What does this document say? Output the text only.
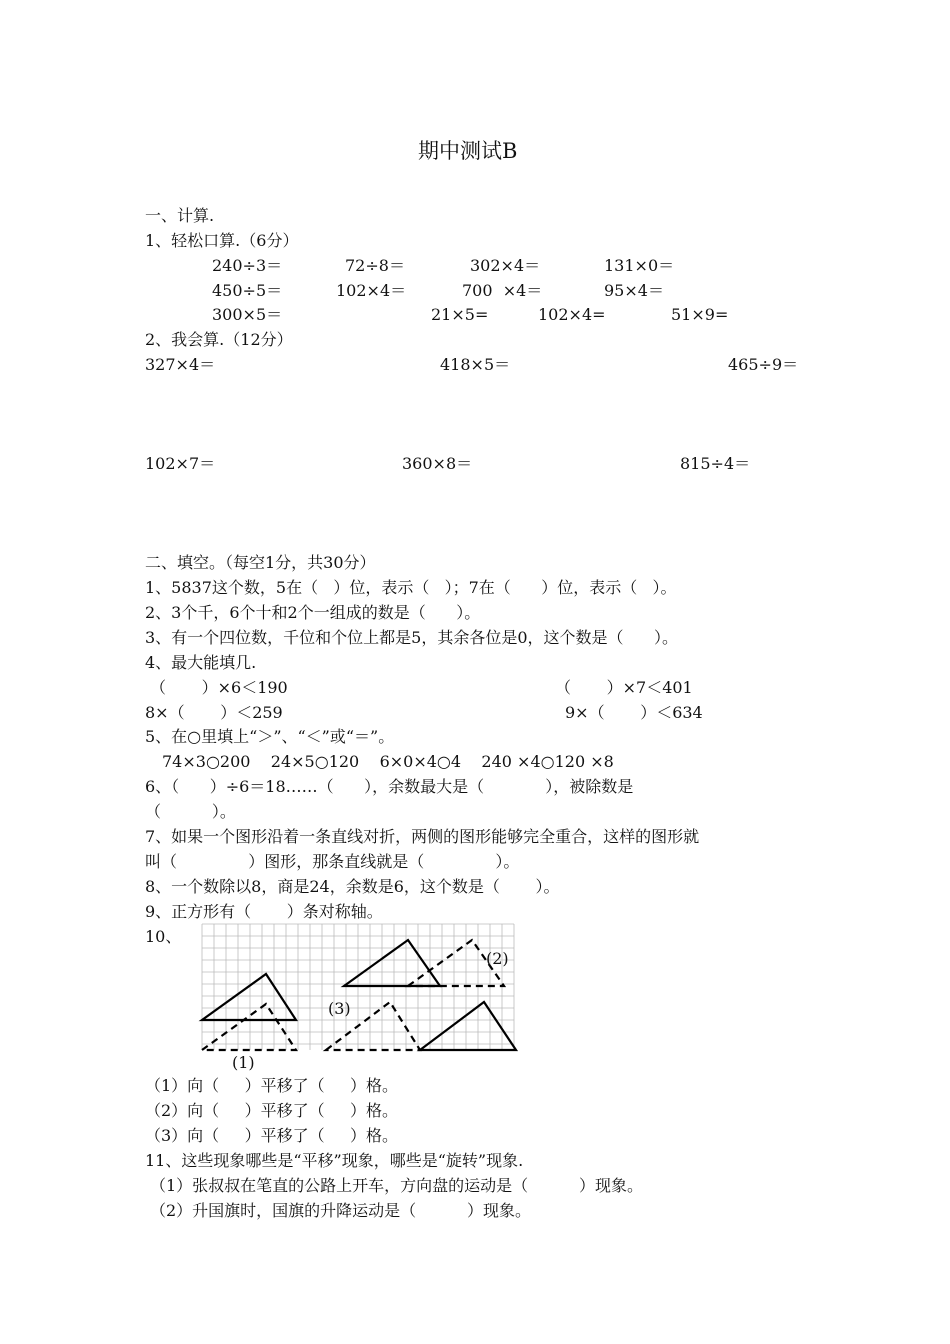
期中测试B
一、计算.
1、轻松口算.（6分）
240÷3＝	72÷8＝	302×4＝	131×0＝
450÷5＝	102×4＝	700  ×4＝	95×4＝
300×5＝	21×5=	102×4=	51×9=
2、我会算.（12分）
327×4＝	418×5＝	465÷9＝
102×7＝	360×8＝	815÷4＝
二、填空。（每空1分，共30分）
1、5837这个数，5在（   ）位，表示（   ）；7在（      ）位，表示（   ）。
2、3个千，6个十和2个一组成的数是（      ）。
3、有一个四位数，千位和个位上都是5，其余各位是0，这个数是（      ）。
4、最大能填几.
（       ）×6＜190	（       ）×7＜401
8×（       ）＜259	9×（       ）＜634
5、在○里填上“＞”、“＜”或“＝”。
74×3○200    24×5○120    6×0×4○4    240 ×4○120 ×8
6、（      ）÷6＝18……（      ），余数最大是（            ），被除数是
（          ）。
7、如果一个图形沿着一条直线对折，两侧的图形能够完全重合，这样的图形就
叫（              ）图形，那条直线就是（              ）。
8、一个数除以8，商是24，余数是6，这个数是（       ）。
9、正方形有（       ）条对称轴。
10、
(1)
(2)
(3)
（1）向（     ）平移了（     ）格。
（2）向（     ）平移了（     ）格。
（3）向（     ）平移了（     ）格。
11、这些现象哪些是“平移”现象，哪些是“旋转”现象.
（1）张叔叔在笔直的公路上开车，方向盘的运动是（          ）现象。
（2）升国旗时，国旗的升降运动是（          ）现象。
